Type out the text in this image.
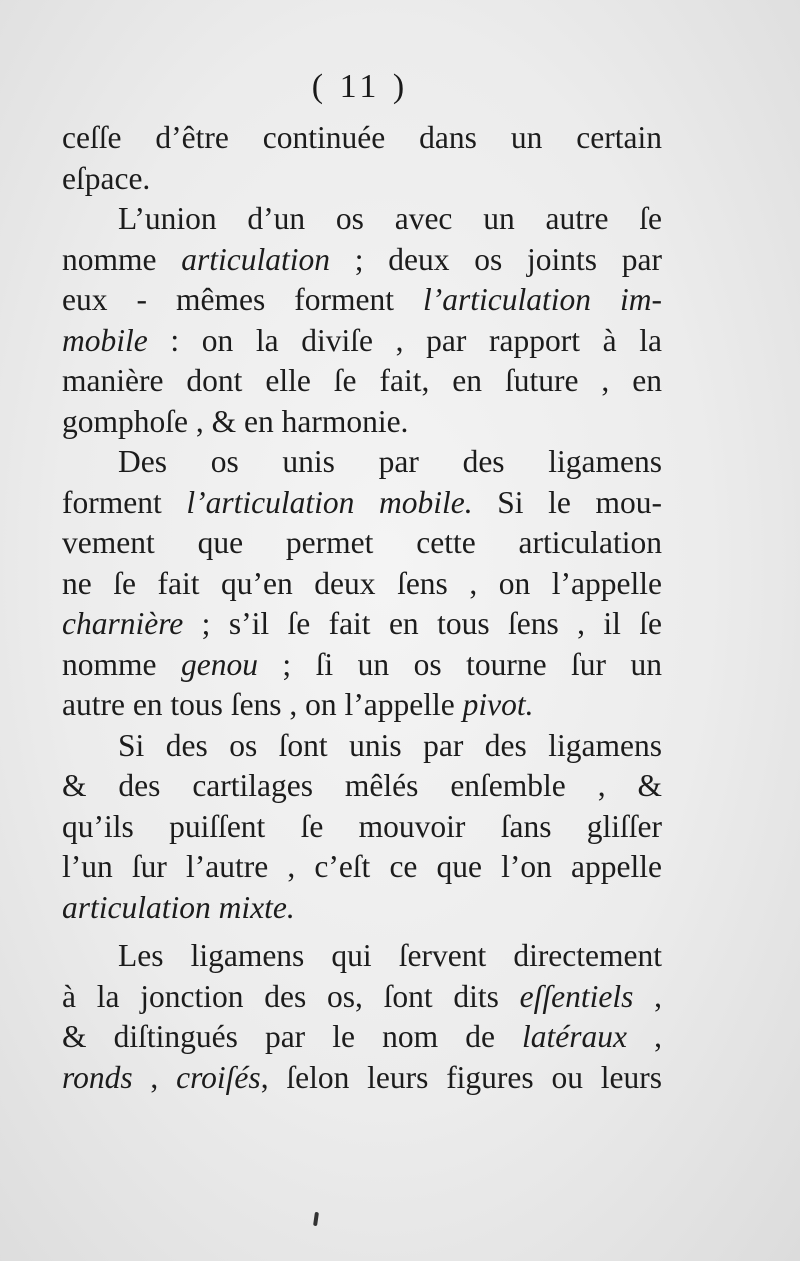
( 11 )
ceſſe d’être continuée dans un certain
eſpace.
L’union d’un os avec un autre ſe
nomme articulation ; deux os joints par
eux - mêmes forment l’articulation im-
mobile : on la diviſe , par rapport à la
manière dont elle ſe fait, en ſuture , en
gomphoſe , & en harmonie.
Des os unis par des ligamens
forment l’articulation mobile. Si le mou-
vement que permet cette articulation
ne ſe fait qu’en deux ſens , on l’appelle
charnière ; s’il ſe fait en tous ſens , il ſe
nomme genou ; ſi un os tourne ſur un
autre en tous ſens , on l’appelle pivot.
Si des os ſont unis par des ligamens
& des cartilages mêlés enſemble , &
qu’ils puiſſent ſe mouvoir ſans gliſſer
l’un ſur l’autre , c’eſt ce que l’on appelle
articulation mixte.
Les ligamens qui ſervent directement
à la jonction des os, ſont dits eſſentiels ,
& diſtingués par le nom de latéraux ,
ronds , croiſés, ſelon leurs figures ou leurs
